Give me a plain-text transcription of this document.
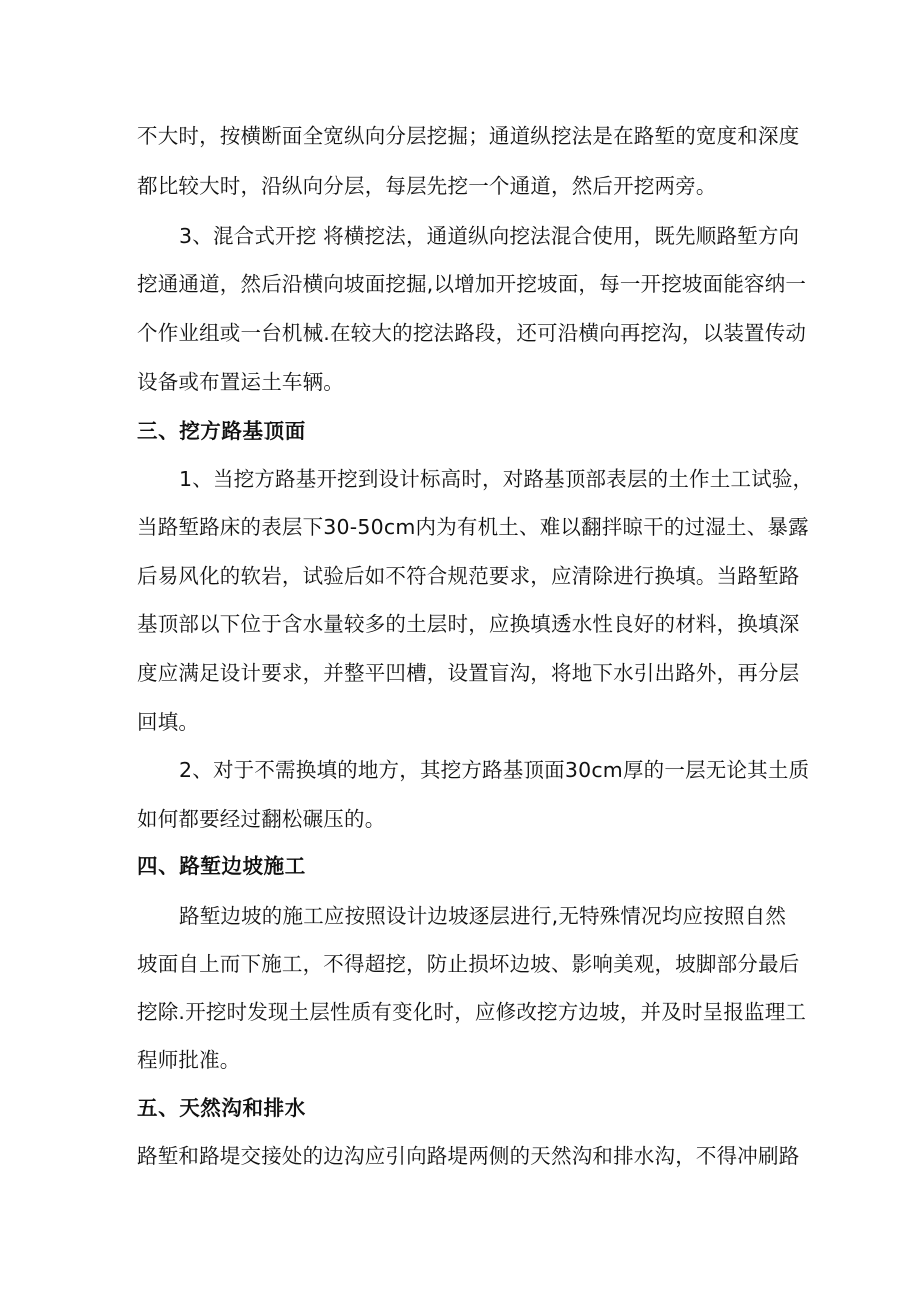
不大时，按横断面全宽纵向分层挖掘；通道纵挖法是在路堑的宽度和深度
都比较大时，沿纵向分层，每层先挖一个通道，然后开挖两旁。
3、混合式开挖 将横挖法，通道纵向挖法混合使用，既先顺路堑方向
挖通通道，然后沿横向坡面挖掘,以增加开挖坡面，每一开挖坡面能容纳一
个作业组或一台机械.在较大的挖法路段，还可沿横向再挖沟，以装置传动
设备或布置运土车辆。
三、挖方路基顶面
1、当挖方路基开挖到设计标高时，对路基顶部表层的土作土工试验，
当路堑路床的表层下30-50cm内为有机土、难以翻拌晾干的过湿土、暴露
后易风化的软岩，试验后如不符合规范要求，应清除进行换填。当路堑路
基顶部以下位于含水量较多的土层时，应换填透水性良好的材料，换填深
度应满足设计要求，并整平凹槽，设置盲沟，将地下水引出路外，再分层
回填。
2、对于不需换填的地方，其挖方路基顶面30cm厚的一层无论其土质
如何都要经过翻松碾压的。
四、路堑边坡施工
路堑边坡的施工应按照设计边坡逐层进行,无特殊情况均应按照自然
坡面自上而下施工，不得超挖，防止损坏边坡、影响美观，坡脚部分最后
挖除.开挖时发现土层性质有变化时，应修改挖方边坡，并及时呈报监理工
程师批准。
五、天然沟和排水
路堑和路堤交接处的边沟应引向路堤两侧的天然沟和排水沟，不得冲刷路
